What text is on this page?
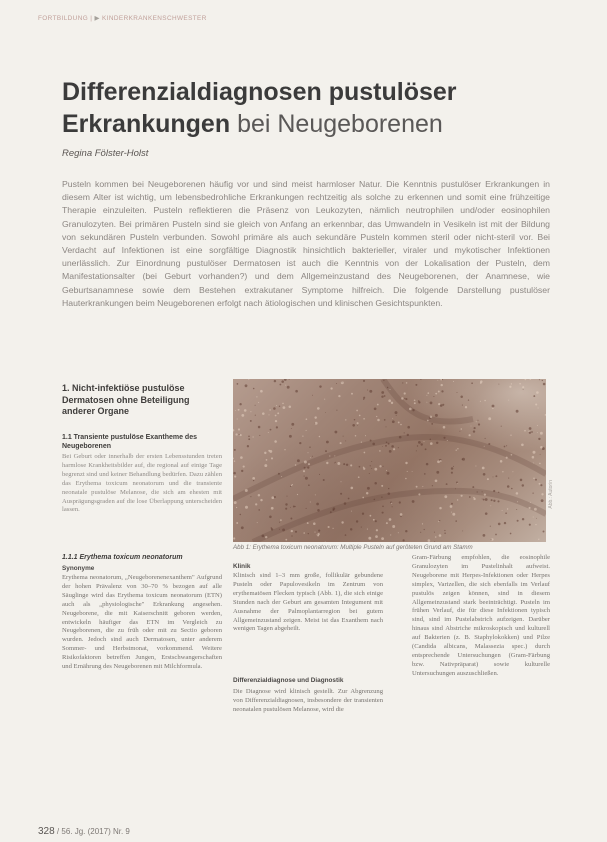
FORTBILDUNG | ▶ KINDERKRANKENSCHWESTER
Differenzialdiagnosen pustulöser Erkrankungen bei Neugeborenen
Regina Fölster-Holst

Pusteln kommen bei Neugeborenen häufig vor und sind meist harmloser Natur. Die Kenntnis pustulöser Erkrankungen in diesem Alter ist wichtig, um lebensbedrohliche Erkrankungen rechtzeitig als solche zu erkennen und somit eine frühzeitige Therapie einzuleiten. Pusteln reflektieren die Präsenz von Leukozyten, nämlich neutrophilen und/oder eosinophilen Granulozyten. Bei primären Pusteln sind sie gleich von Anfang an erkennbar, das Umwandeln in Vesikeln ist mit der Bildung von sekundären Pusteln verbunden. Sowohl primäre als auch sekundäre Pusteln kommen steril oder nicht-steril vor. Bei Verdacht auf Infektionen ist eine sorgfältige Diagnostik hinsichtlich bakterieller, viraler und mykotischer Infektionen unerlässlich. Zur Einordnung pustulöser Dermatosen ist auch die Kenntnis von der Lokalisation der Pusteln, dem Manifestationsalter (bei Geburt vorhanden?) und dem Allgemeinzustand des Neugeborenen, der Anamnese, wie Geburtsanamnese sowie dem Bestehen extrakutaner Symptome hilfreich. Die folgende Darstellung pustulöser Hauterkrankungen beim Neugeborenen erfolgt nach ätiologischen und klinischen Gesichtspunkten.

1. Nicht-infektiöse pustulöse Dermatosen ohne Beteiligung anderer Organe
1.1 Transiente pustulöse Exantheme des Neugeborenen

Bei Geburt oder innerhalb der ersten Lebensstunden treten harmlose Krankheitsbilder auf, die regional auf einige Tage begrenzt sind und keiner Behandlung bedürfen. Dazu zählen das Erythema toxicum neonatorum und die transiente neonatale pustulöse Melanose, die sich am ehesten mit Ausprägungsgraden auf die lose Überlappung unterscheiden lassen.

1.1.1 Erythema toxicum neonatorum
Synonyme

Erythema neonatorum, „Neugeborenenexanthem" Aufgrund der hohen Prävalenz von 30–70 % bezogen auf alle Säuglinge wird das Erythema toxicum neonatorum (ETN) auch als „physiologische" Erkrankung angesehen. Neugeborene, die mit Kaiserschnitt geboren werden, entwickeln häufiger das ETN im Vergleich zu Neugeborenen, die zu früh oder mit zu Sectio geboren wurden. Jedoch sind auch Dermatosen, unter anderem Sommer- und Herbstmonat, vorkommend. Weitere Risikofaktoren betreffen Jungen, Erstschwangerschaften und Ernährung des Neugeborenen mit Milchformula.

Abb.: Autorin

Abb 1: Erythema toxicum neonatorum: Multiple Pusteln auf geröteten Grund am Stamm

Klinik

Klinisch sind 1–3 mm große, follikulär gebundene Pusteln oder Papulovesikeln im Zentrum von erythematösen Flecken typisch (Abb. 1), die sich einige Stunden nach der Geburt am gesamten Integument mit Ausnahme der Palmoplantarregion bei gutem Allgemeinzustand zeigen. Meist ist das Exanthem nach wenigen Tagen abgeheilt.

Differenzialdiagnose und Diagnostik

Die Diagnose wird klinisch gestellt. Zur Abgrenzung von Differenzialdiagnosen, insbesondere der transienten neonatalen pustulösen Melanose, wird die

Gram-Färbung empfohlen, die eosinophile Granulozyten im Pustelinhalt aufweist. Neugeborene mit Herpes-Infektionen oder Herpes simplex, Varizellen, die sich ebenfalls im Verlauf pustulös zeigen können, sind in diesem Allgemeinzustand stark beeinträchtigt. Pusteln im frühen Verlauf, die für diese Infektionen typisch sind, sind im Pustelabstrich aufzeigen. Darüber hinaus sind Abstriche mikroskopisch und kulturell auf Bakterien (z. B. Staphylokokken) und Pilze (Candida albicans, Malassezia spec.) durch entsprechende Untersuchungen (Gram-Färbung bzw. Nativpräparat) sowie kulturelle Untersuchungen auszuschließen.

328 / 56. Jg. (2017) Nr. 9
